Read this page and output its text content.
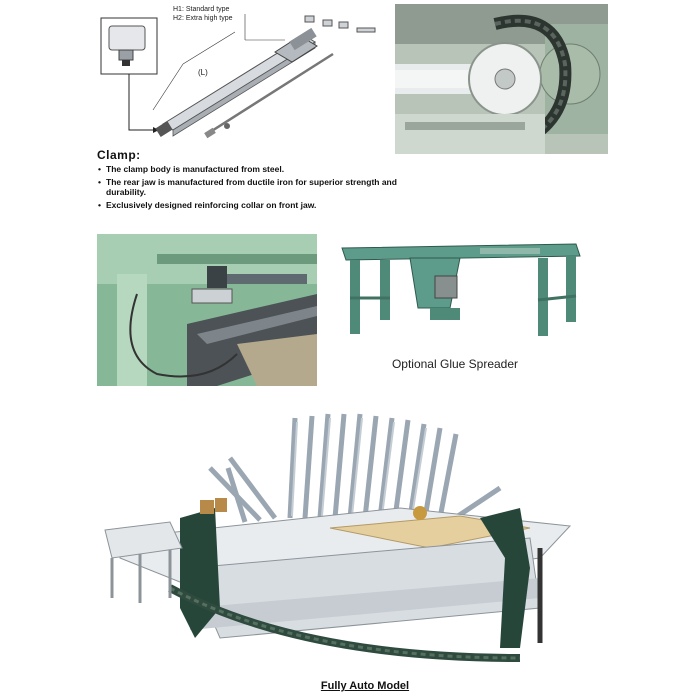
H1: Standard type
H2: Extra high type
(L)
Clamp:
• The clamp body is manufactured from steel.
• The rear jaw is manufactured from ductile iron for superior strength and durability.
• Exclusively designed reinforcing collar on front jaw.
Optional Glue Spreader
Fully Auto Model
